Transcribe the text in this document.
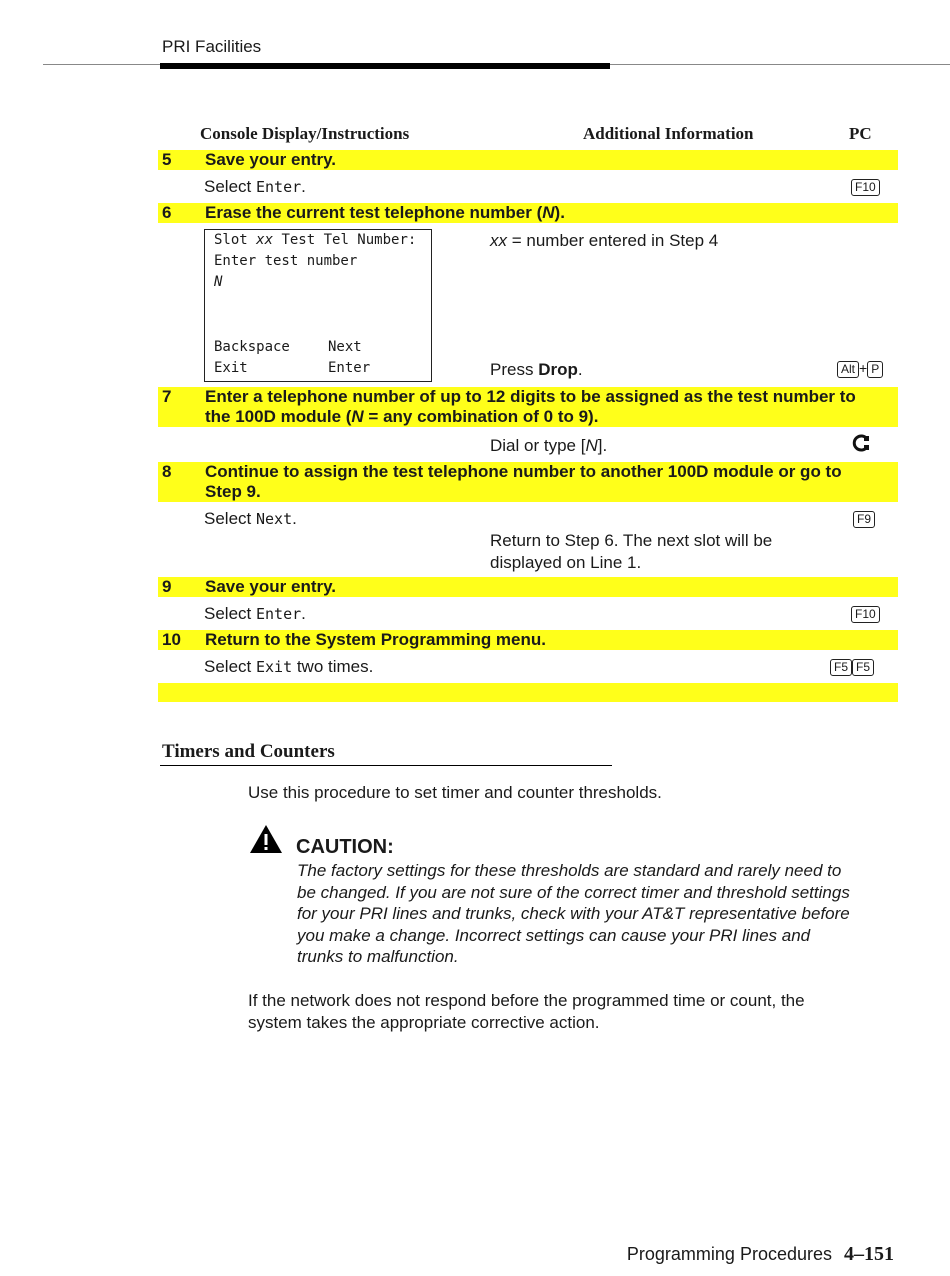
PRI Facilities
Console Display/Instructions	Additional Information	PC
5 Save your entry.
Select Enter.	F10
6 Erase the current test telephone number (N).
Slot xx Test Tel Number:
Enter test number
N
Backspace	Next
Exit	Enter
xx = number entered in Step 4
Press Drop.	Alt + P
7 Enter a telephone number of up to 12 digits to be assigned as the test number to
the 100D module (N = any combination of 0 to 9).
Dial or type [N].
8 Continue to assign the test telephone number to another 100D module or go to
Step 9.
Select Next.	F9
Return to Step 6. The next slot will be
displayed on Line 1.
9 Save your entry.
Select Enter.	F10
10 Return to the System Programming menu.
Select Exit two times.	F5 F5
Timers and Counters
Use this procedure to set timer and counter thresholds.
CAUTION:
The factory settings for these thresholds are standard and rarely need to
be changed. If you are not sure of the correct timer and threshold settings
for your PRI lines and trunks, check with your AT&T representative before
you make a change. Incorrect settings can cause your PRI lines and
trunks to malfunction.
If the network does not respond before the programmed time or count, the
system takes the appropriate corrective action.
Programming Procedures 4–151
